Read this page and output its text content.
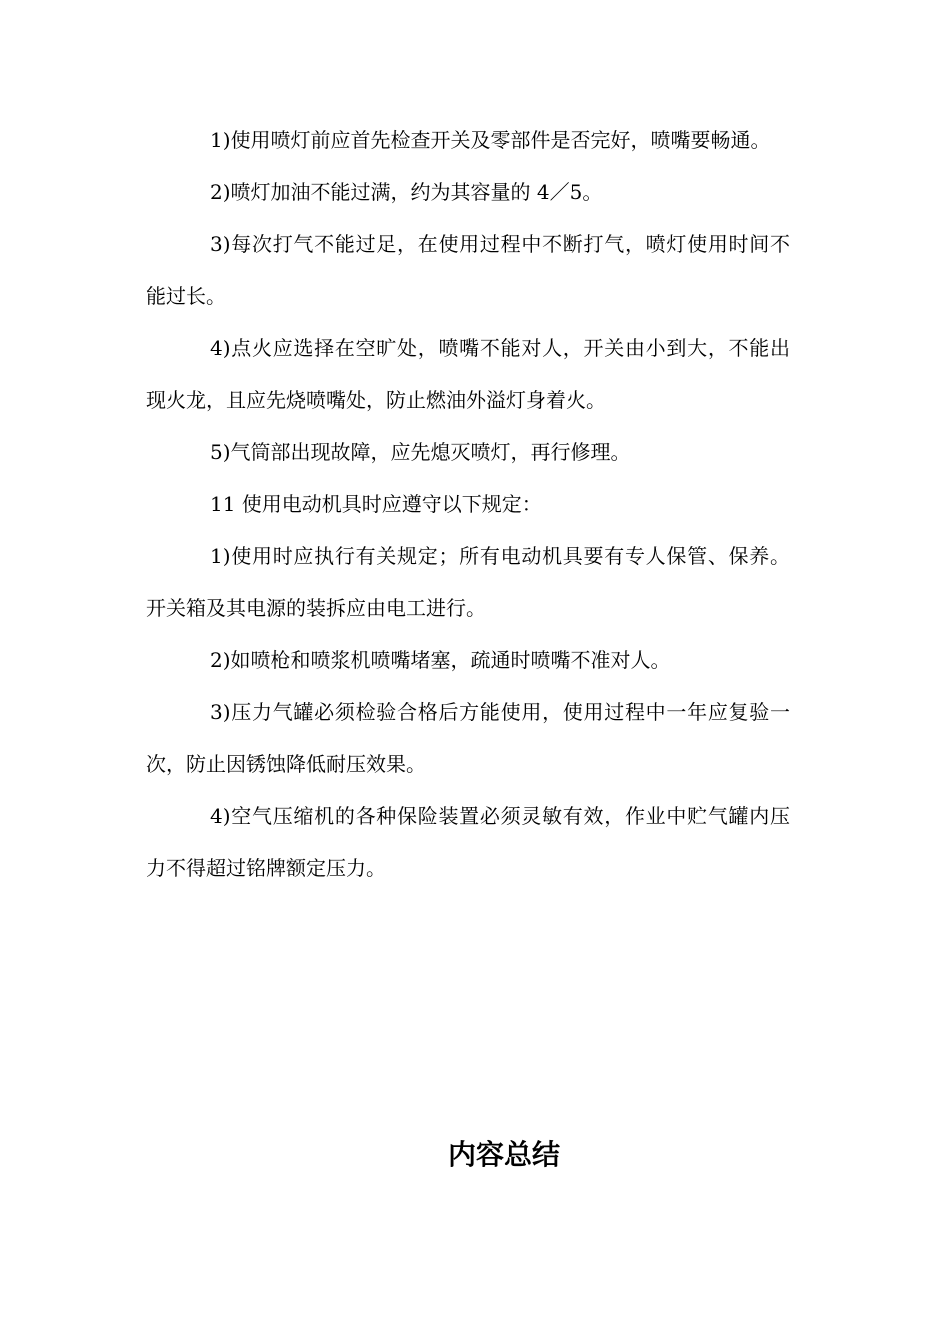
1)使用喷灯前应首先检查开关及零部件是否完好，喷嘴要畅通。

2)喷灯加油不能过满，约为其容量的 4／5。

3)每次打气不能过足，在使用过程中不断打气，喷灯使用时间不能过长。

4)点火应选择在空旷处，喷嘴不能对人，开关由小到大，不能出现火龙，且应先烧喷嘴处，防止燃油外溢灯身着火。

5)气筒部出现故障，应先熄灭喷灯，再行修理。

11 使用电动机具时应遵守以下规定：

1)使用时应执行有关规定；所有电动机具要有专人保管、保养。开关箱及其电源的装拆应由电工进行。

2)如喷枪和喷浆机喷嘴堵塞，疏通时喷嘴不准对人。

3)压力气罐必须检验合格后方能使用，使用过程中一年应复验一次，防止因锈蚀降低耐压效果。

4)空气压缩机的各种保险装置必须灵敏有效，作业中贮气罐内压力不得超过铭牌额定压力。

内容总结
